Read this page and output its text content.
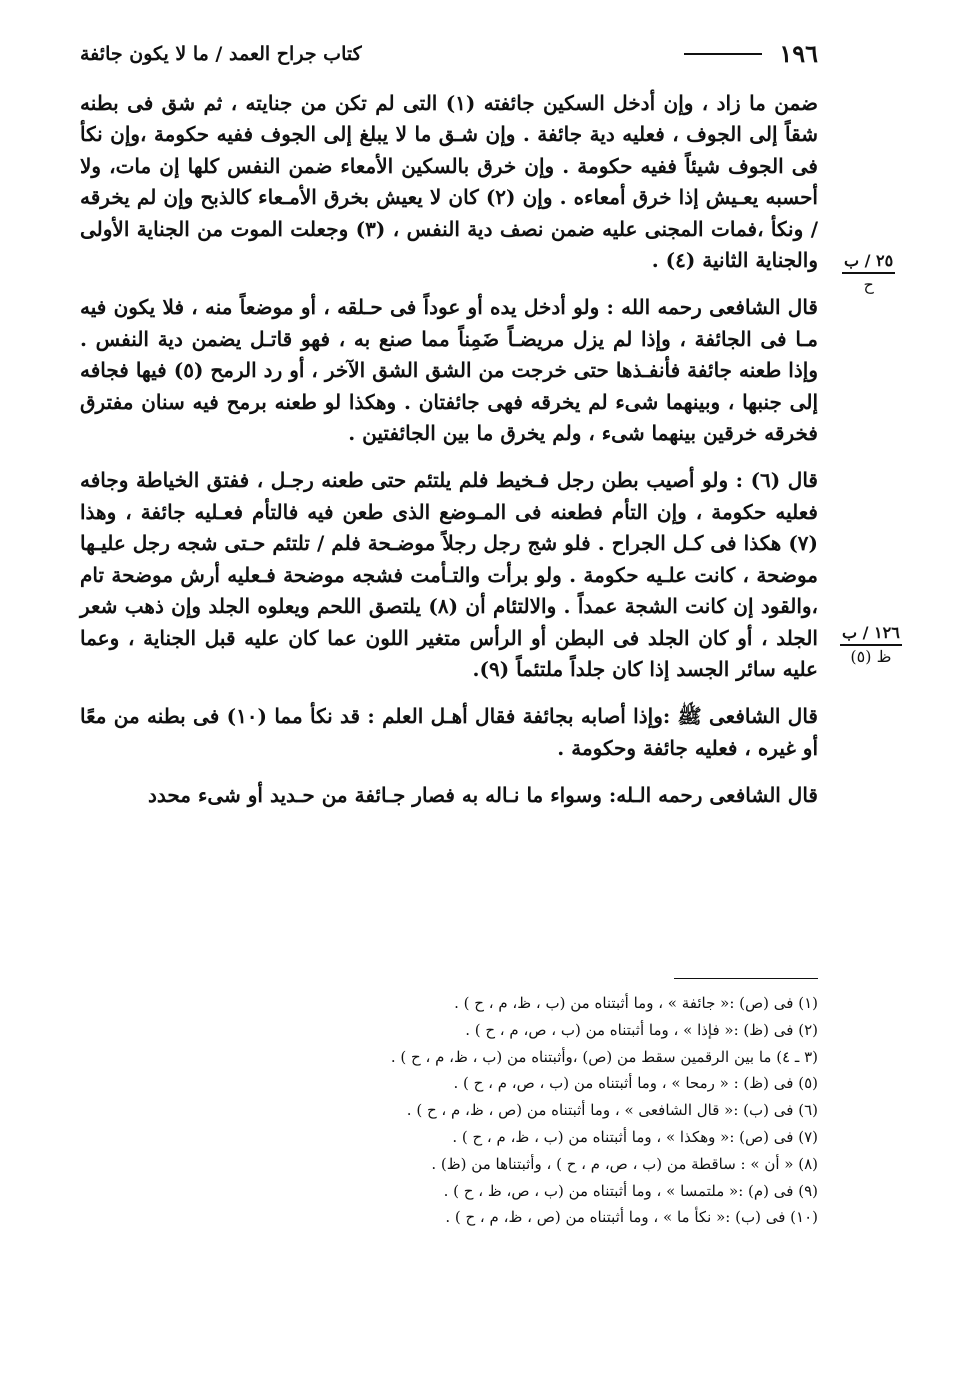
١٩٦
كتاب جراح العمد / ما لا يكون جائفة
٢٥ / ب
ح
١٢٦ / ب
ظ (٥)

ضمن ما زاد ، وإن أدخل السكين جائفته (١) التى لم تكن من جنايته ، ثم شق فى بطنه شقاً إلى الجوف ، فعليه دية جائفة . وإن شـق ما لا يبلغ إلى الجوف ففيه حكومة ،وإن نكأ فى الجوف شيئاً ففيه حكومة . وإن خرق بالسكين الأمعاء ضمن النفس كلها إن مات، ولا أحسبه يعـيش إذا خرق أمعاءه . وإن (٢) كان لا يعيش بخرق الأمـعاء كالذبح وإن لم يخرقه / ونكأ ،فمات المجنى عليه ضمن نصف دية النفس ، (٣) وجعلت الموت من الجناية الأولى والجناية الثانية (٤) .

قال الشافعى رحمه الله : ولو أدخل يده أو عوداً فى حـلقه ، أو موضعاً منه ، فلا يكون فيه مـا فى الجائفة ، وإذا لم يزل مريضـاً ضَمِناً مما صنع به ، فهو قاتـل يضمن دية النفس . وإذا طعنه جائفة فأنفـذها حتى خرجت من الشق الشق الآخر ، أو رد الرمح (٥) فيها فجافه إلى جنبها ، وبينهما شىء لم يخرقه فهى جائفتان . وهكذا لو طعنه برمح فيه سنان مفترق فخرقه خرقين بينهما شىء ، ولم يخرق ما بين الجائفتين .

قال (٦) : ولو أصيب بطن رجل فـخيط فلم يلتئم حتى طعنه رجـل ، ففتق الخياطة وجافه فعليه حكومة ، وإن التأم فطعنه فى المـوضع الذى طعن فيه فالتأم فعـليه جائفة ، وهذا (٧) هكذا فى كـل الجراح . فلو شج رجل رجلاً موضـحة فلم / تلتئم حـتى شجه رجل عليـها موضحة ، كانت علـيه حكومة . ولو برأت والتـأمت فشجه موضحة فـعليه أرش موضحة تام ،والقود إن كانت الشجة عمداً . والالتئام أن (٨) يلتصق اللحم ويعلوه الجلد وإن ذهب شعر الجلد ، أو كان الجلد فى البطن أو الرأس متغير اللون عما كان عليه قبل الجناية ، وعما عليه سائر الجسد إذا كان جلداً ملتئماً (٩).

قال الشافعى ﷺ :وإذا أصابه بجائفة فقال أهـل العلم : قد نكأ مما (١٠) فى بطنه من معًا أو غيره ، فعليه جائفة وحكومة .

قال الشافعى رحمه الـله: وسواء ما نـاله به فصار جـائفة من حـديد أو شىء محدد

(١) فى (ص) :« جائفة » ، وما أثبتناه من (ب ، ظ، م ، ح ) .
(٢) فى (ظ) :« فإذا » ، وما أثبتناه من (ب ، ص، م ، ح ) .
(٣ ـ ٤) ما بين الرقمين سقط من (ص) ،وأثبتناه من (ب ، ظ، م ، ح ) .
(٥) فى (ظ) : « رمحا » ، وما أثبتناه من (ب ، ص، م ، ح ) .
(٦) فى (ب) :« قال الشافعى » ، وما أثبتناه من (ص ، ظ، م ، ح ) .
(٧) فى (ص) :« وهكذا » ، وما أثبتناه من (ب ، ظ، م ، ح ) .
(٨) « أن » : ساقطة من (ب ، ص، م ، ح ) ، وأثبتناها من (ظ) .
(٩) فى (م) :« ملتمسا » ، وما أثبتناه من (ب ، ص، ظ ، ح ) .
(١٠) فى (ب) :« نكأ ما » ، وما أثبتناه من (ص ، ظ، م ، ح ) .
